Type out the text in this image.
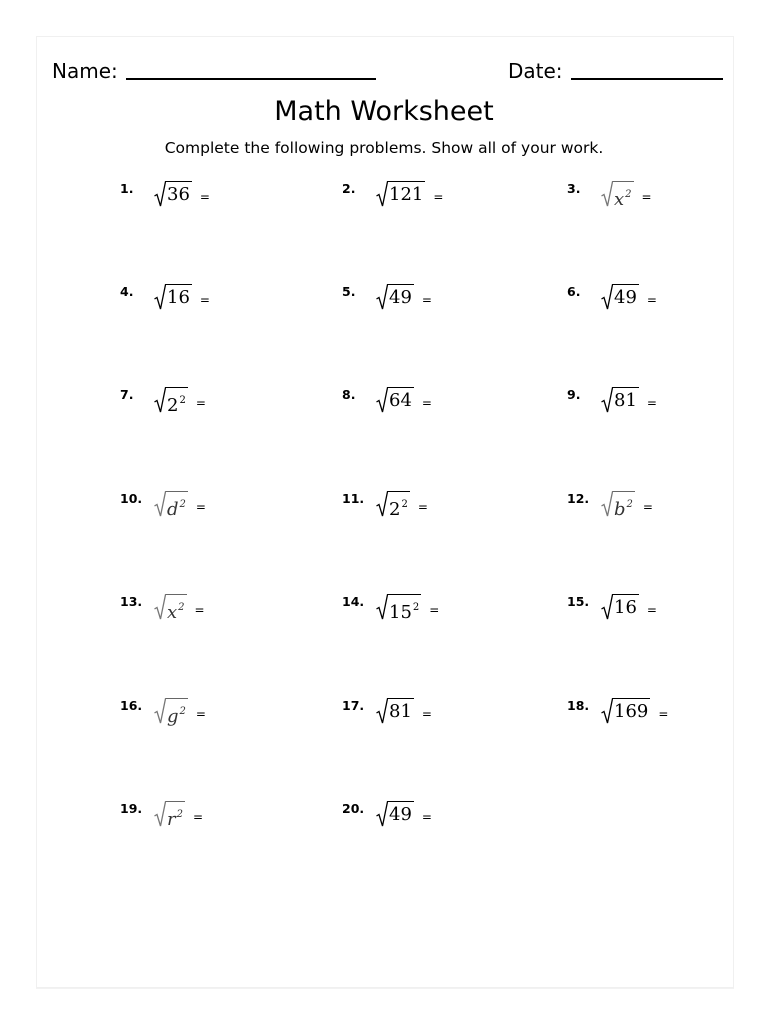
Name:	Date:
Math Worksheet

Complete the following problems. Show all of your work.

1.	36 =
2.	121 =
3.
$x^2$ =
4.	16 =
5.	49 =
6.	49 =
7.
$2^2$ =
8.	64 =
9.	81 =
10.
$d^2$ =
11.
$2^2$ =
12.
$b^2$ =
13.
$x^2$ =
14.
$15^2$ =
15.	16 =
16.
$g^2$ =
17.	81 =
18.	169 =
19.
$r^2$ =
20.	49 =
